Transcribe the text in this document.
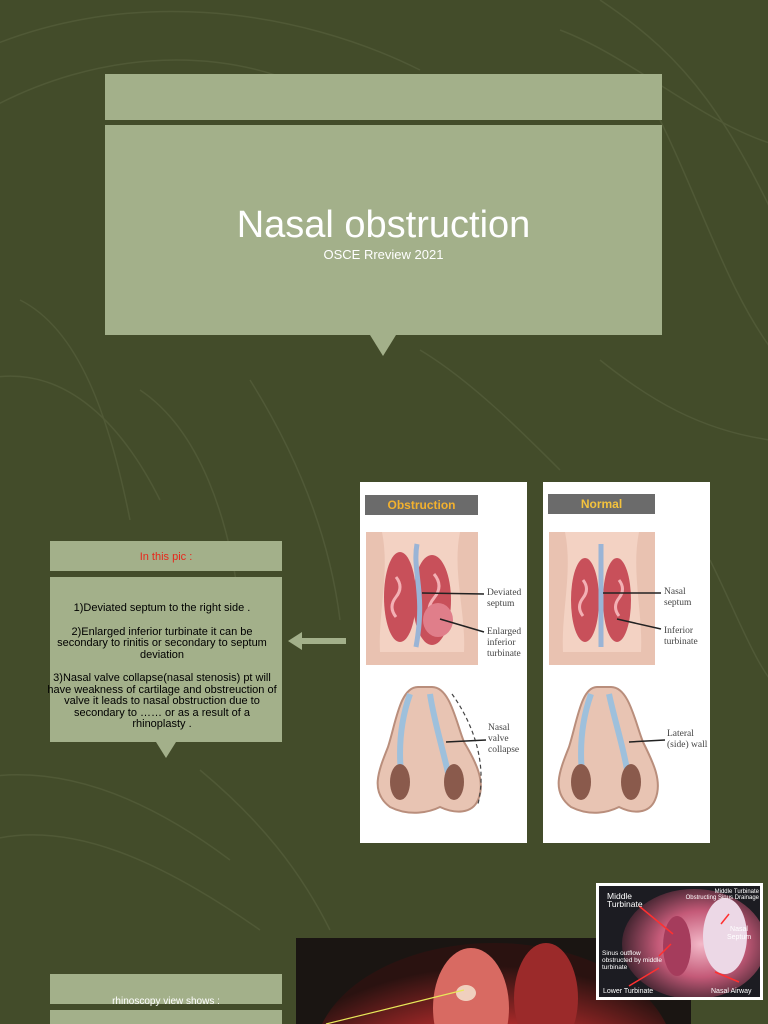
Nasal obstruction
OSCE Rreview 2021
In this pic :

1)Deviated septum to the right side .

2)Enlarged inferior turbinate it can be secondary to rinitis or secondary to septum deviation

3)Nasal valve collapse(nasal stenosis) pt will have weakness of cartilage and obstreuction of valve it leads to nasal obstruction due to secondary to …… or as a result of a rhinoplasty .

Obstruction
Deviated septum
Enlarged inferior turbinate
Nasal valve collapse
Normal
Nasal septum
Inferior turbinate
Lateral (side) wall
Middle Turbinate
Middle Turbinate Obstructing Sinus Drainage
Sinus outflow obstructed by middle turbinate
Nasal Septum
Lower Turbinate	Nasal Airway
rhinoscopy view shows :
